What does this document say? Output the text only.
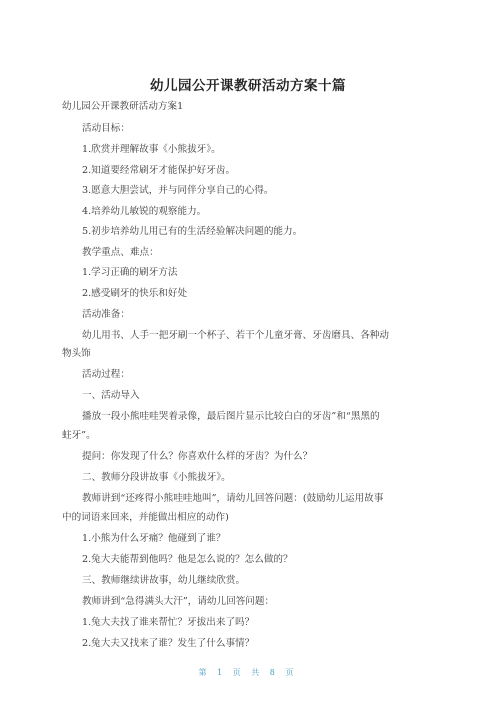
幼儿园公开课教研活动方案十篇
幼儿园公开课教研活动方案1
活动目标：
1.欣赏并理解故事《小熊拔牙》。
2.知道要经常刷牙才能保护好牙齿。
3.愿意大胆尝试，并与同伴分享自己的心得。
4.培养幼儿敏锐的观察能力。
5.初步培养幼儿用已有的生活经验解决问题的能力。
教学重点、难点：
1.学习正确的刷牙方法
2.感受刷牙的快乐和好处
活动准备：
幼儿用书、人手一把牙刷一个杯子、若干个儿童牙膏、牙齿磨具、各种动
物头饰
活动过程：
一、活动导入
播放一段小熊哇哇哭着录像，最后图片显示比较白白的牙齿”和“黑黑的
蛀牙”。
提问：你发现了什么？你喜欢什么样的牙齿？为什么？
二、教师分段讲故事《小熊拔牙》。
教师讲到“还疼得小熊哇哇地叫”，请幼儿回答问题：(鼓励幼儿运用故事
中的词语来回来，并能做出相应的动作)
1.小熊为什么牙痛？他碰到了谁？
2.兔大夫能帮到他吗？他是怎么说的？怎么做的？
三、教师继续讲故事，幼儿继续欣赏。
教师讲到“急得满头大汗”，请幼儿回答问题：
1.兔大夫找了谁来帮忙？牙拔出来了吗？
2.兔大夫又找来了谁？发生了什么事情？
第 1 页 共 8 页
